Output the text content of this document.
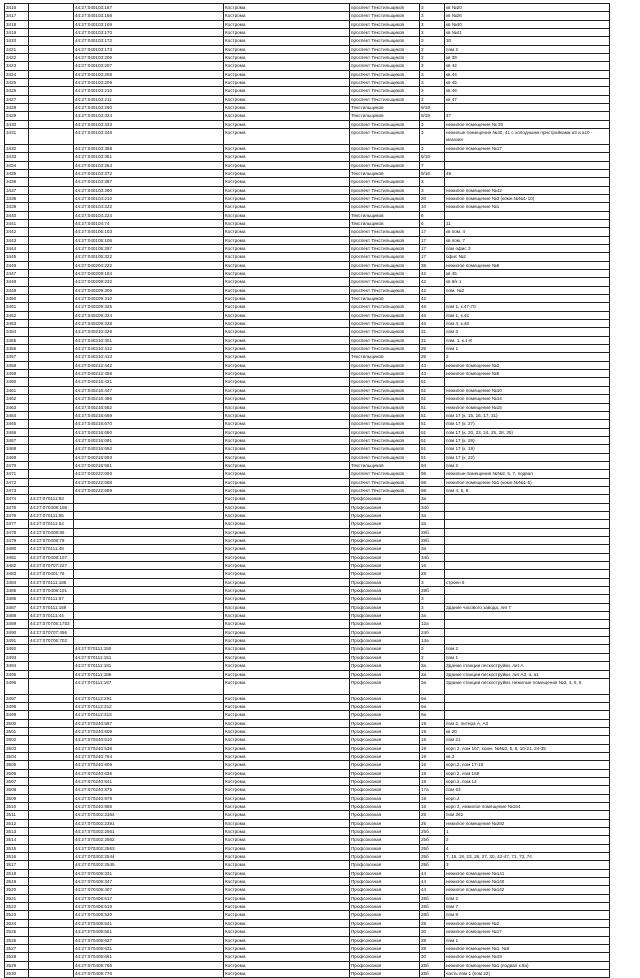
3416		44:27:040103:167	Кострома	проспект Текстильщиков	3	кв №20
3417		44:27:040103:168	Кострома	проспект Текстильщиков	3	кв №26
3418		44:27:040103:169	Кострома	проспект Текстильщиков	3	кв №40
3419		44:27:040103:170	Кострома	проспект Текстильщиков	3	кв №41
3420		44:27:040103:172	Кострома	проспект Текстильщиков	3	30
3421		44:27:040103:173	Кострома	проспект Текстильщиков	3	пом 2
3422		44:27:040103:206	Кострома	проспект Текстильщиков	3	кв 39
3423		44:27:040103:207	Кострома	проспект Текстильщиков	3	кв 42
3424		44:27:040103:208	Кострома	проспект Текстильщиков	3	кв 44
3425		44:27:040103:209	Кострома	проспект Текстильщиков	3	кв 45
3426		44:27:040103:210	Кострома	проспект Текстильщиков	3	кв 46
3427		44:27:040103:211	Кострома	проспект Текстильщиков	3	кв 47
3428		44:27:040103:260	Кострома	Текстильщиков	9/18	
3429		44:27:040103:324	Кострома	Текстильщиков	9/18	47
3430		44:27:040103:333	Кострома	проспект Текстильщиков	3	нежилое помещение № 20
3431		44:27:040103:348	Кострома	проспект Текстильщиков	3	нежилые помещения №40, 41 с холодными пристройками а3 и а10 - магазин
3432		44:27:040103:358	Кострома	проспект Текстильщиков	3	нежилое помещение №17
3433		44:27:040103:361	Кострома	проспект Текстильщиков	9/18	
3434		44:27:040103:364	Кострома	проспект Текстильщиков	7	
3435		44:27:040103:372	Кострома	Текстильщиков	9/18	48
3436		44:27:040103:387	Кострома	проспект Текстильщиков	3	
3437		44:27:040103:390	Кострома	проспект Текстильщиков	3	нежилое помещение №42
3438		44:27:040104:210	Кострома	проспект Текстильщиков	20	нежилое помещение №3 (комн.№№1-10)
3439		44:27:040104:222	Кострома	проспект Текстильщиков	10	нежилое помещение №1
3440		44:27:040104:224	Кострома	Текстильщиков	6	
3441		44:27:040104:74	Кострома	Текстильщиков	6	11
3442		44:27:040105:103	Кострома	проспект Текстильщиков	17	кв пом. 4
3443		44:27:040105:106	Кострома	проспект Текстильщиков	17	кв пом. 7
3444		44:27:040105:297	Кострома	проспект Текстильщиков	17	пом офис 3
3445		44:27:040105:322	Кострома	проспект Текстильщиков	17	офис №2
3446		44:27:040204:222	Кострома	проспект Текстильщиков	38	нежилое помещение №8
3447		44:27:040209:184	Кострома	проспект Текстильщиков	42	кв 45
3448		44:27:040209:232	Кострома	проспект Текстильщиков	42	кв 6/к 1
3449		44:27:040209:309	Кострома	проспект Текстильщиков	42	пом. №2
3450		44:27:040209:310	Кострома	Текстильщиков	42	
3451		44:27:040209:325	Кострома	проспект Текстильщиков	46	пом 1, к.47-70
3452		44:27:040209:324	Кострома	проспект Текстильщиков	46	пом 1, к.42
3453		44:27:040209:328	Кострома	проспект Текстильщиков	46	пом 4, к.48
3454		44:27:040210:326	Кострома	проспект Текстильщиков	31	пом 3
3455		44:27:040210:401	Кострома	проспект Текстильщиков	31	пом. 1, к.1-8
3456		44:27:040210:412	Кострома	проспект Текстильщиков	25	пом 1
3457		44:27:040210:413	Кострома	Текстильщиков	25	2
3458		44:27:040212:442	Кострома	проспект Текстильщиков	43	нежилое помещение №2
3459		44:27:040212:458	Кострома	проспект Текстильщиков	43	нежилое помещение №5
3460		44:27:040216:431	Кострома	проспект Текстильщиков	51	
3461		44:27:040216:447	Кострома	проспект Текстильщиков	51	нежилое помещение №10
3462		44:27:040216:486	Кострома	проспект Текстильщиков	51	нежилое помещение №14
3463		44:27:040216:582	Кострома	проспект Текстильщиков	51	нежилое помещение №15
3464		44:27:040216:669	Кострома	проспект Текстильщиков	51	пом 17 (к. 15, 16, 17, 31)
3465		44:27:040216:670	Кострома	проспект Текстильщиков	51	пом 17 (к. 27)
3466		44:27:040216:690	Кострома	проспект Текстильщиков	51	пом 17 (к. 20, 23, 24, 25, 28, 35)
3467		44:27:040216:691	Кострома	проспект Текстильщиков	51	пом 17 (к. 26)
3468		44:27:040216:692	Кострома	проспект Текстильщиков	51	пом 17 (к. 19)
3469		44:27:040216:693	Кострома	проспект Текстильщиков	51	пом 17 (к. 22)
3470		44:27:040216:561	Кострома	Текстильщиков	94	пом 2
3471		44:27:040222:693	Кострома	проспект Текстильщиков	98	нежилые помещения №№2, 6, 7, подвал
3472		44:27:040222:688	Кострома	проспект Текстильщиков	98	нежилое помещение №1 (комн.№№1-5)
3473		44:27:040222:689	Кострома	проспект Текстильщиков	98	пом 4, 5, 8
3474	44:27:070111:83		Кострома	Профсоюзная	3а	
3475	44:27:070408:108		Кострома	Профсоюзная	34б	
3476	44:27:070111:55		Кострома	Профсоюзная	3а	
3477	44:27:070111:54		Кострома	Профсоюзная	3а	
3478	44:27:070408:95		Кострома	Профсоюзная	28б	
3479	44:27:070408:79		Кострома	Профсоюзная	28б	
3480	44:27:070111:48		Кострома	Профсоюзная	3а	
3481	44:27:070408:107		Кострома	Профсоюзная	34б	
3482	44:27:070707:227		Кострома	Профсоюзная	16	
3483	44:27:070401:76		Кострома	Профсоюзная	28	
3484	44:27:070111:185		Кострома	Профсоюзная	3	строен 6
3485	44:27:070408:101		Кострома	Профсоюзная	28б	
3486	44:27:070111:67		Кострома	Профсоюзная	3	
3487	44:27:070111:159		Кострома	Профсоюзная	3	Здание часового завода, лит Г
3488	44:27:070111:44		Кострома	Профсоюзная	3а	
3489	44:27:070705:1753		Кострома	Профсоюзная	12а	
3490	44:27:070707:456		Кострома	Профсоюзная	24б	
3491	44:27:070706:702		Кострома	Профсоюзная	14а	
3492		44:27:070111:150	Кострома	Профсоюзная	3	пом 2
3493		44:27:070111:151	Кострома	Профсоюзная	3	пом 1
3494		44:27:070111:181	Кострома	Профсоюзная	3а	Здание станции пескоструйки, лит.А
3495		44:27:070111:186	Кострома	Профсоюзная	3а	Здание станции пескоструйки, лит.А3, а, а1
3496		44:27:070111:187	Кострома	Профсоюзная	3а	Здание станции пескоструйки, нежилые помещения №3, 4, 5, 6
3497		44:27:070112:291	Кострома	Профсоюзная	9а	
3498		44:27:070112:312	Кострома	Профсоюзная	9а	
3499		44:27:070112:313	Кострома	Профсоюзная	9а	
3500		44:27:070240:587	Кострома	Профсоюзная	19	пом 2, литера А, А3
3501		44:27:070240:509	Кострома	Профсоюзная	19	кв 20
3502		44:27:070240:510	Кострома	Профсоюзная	19	пом 21
3503		44:27:070240:538	Кострома	Профсоюзная	19	корп 2, пом 167, комн. №№3, 5, 8, 10-21, 24-35
3504		44:27:070240:764	Кострома	Профсоюзная	19	кв.3
3505		44:27:070240:809	Кострома	Профсоюзная	15	корп.2, пом 17-18
3506		44:27:070240:836	Кострома	Профсоюзная	19	корп 2, пом 168
3507		44:27:070240:841	Кострома	Профсоюзная	19	корп.2, пом.14
3508		44:27:070240:875	Кострома	Профсоюзная	17а	пом 63
3509		44:27:070240:979	Кострома	Профсоюзная	19	корп.2
3510		44:27:070240:985	Кострома	Профсоюзная	15	корп 2, нежилое помещение №164
3511		44:27:070302:2364	Кострома	Профсоюзная	25	пом 262
3512		44:27:070302:2391	Кострома	Профсоюзная	25	нежилое помещение №292
3513		44:27:070302:2561	Кострома	Профсоюзная	25б	1
3514		44:27:070302:2562	Кострома	Профсоюзная	25б	2
3515		44:27:070302:2563	Кострома	Профсоюзная	25б	4
3516		44:27:070302:2544	Кострома	Профсоюзная	25б	7, 15, 18, 23, 26, 27, 30, 42-47, 71, 73, 74
3517		44:27:070302:2545	Кострома	Профсоюзная	25б	3
3518		44:27:070405:331	Кострома	Профсоюзная	44	нежилое помещение №141
3519		44:27:070405:347	Кострома	Профсоюзная	44	нежилое помещение №140
3520		44:27:070405:407	Кострома	Профсоюзная	44	нежилое помещение №142
3521		44:27:070408:517	Кострома	Профсоюзная	28б	пом 2
3522		44:27:070408:519	Кострома	Профсоюзная	28б	пом 7
3523		44:27:070408:520	Кострома	Профсоюзная	28б	пом 8
3524		44:27:070408:541	Кострома	Профсоюзная	28	нежилое помещение №2
3525		44:27:070408:551	Кострома	Профсоюзная	30	нежилое помещение №17
3526		44:27:070408:627	Кострома	Профсоюзная	28	пом 1
3527		44:27:070408:631	Кострома	Профсоюзная	28	нежилое помещение №1, №6
3528		44:27:070408:661	Кострома	Профсоюзная	30	нежилое помещение №19
3529		44:27:070408:766	Кострома	Профсоюзная	28б	нежилое помещение №1 (подвал к.9а)
3530		44:27:070408:776	Кострома	Профсоюзная	28б	часть пом.1 (пом.22)
